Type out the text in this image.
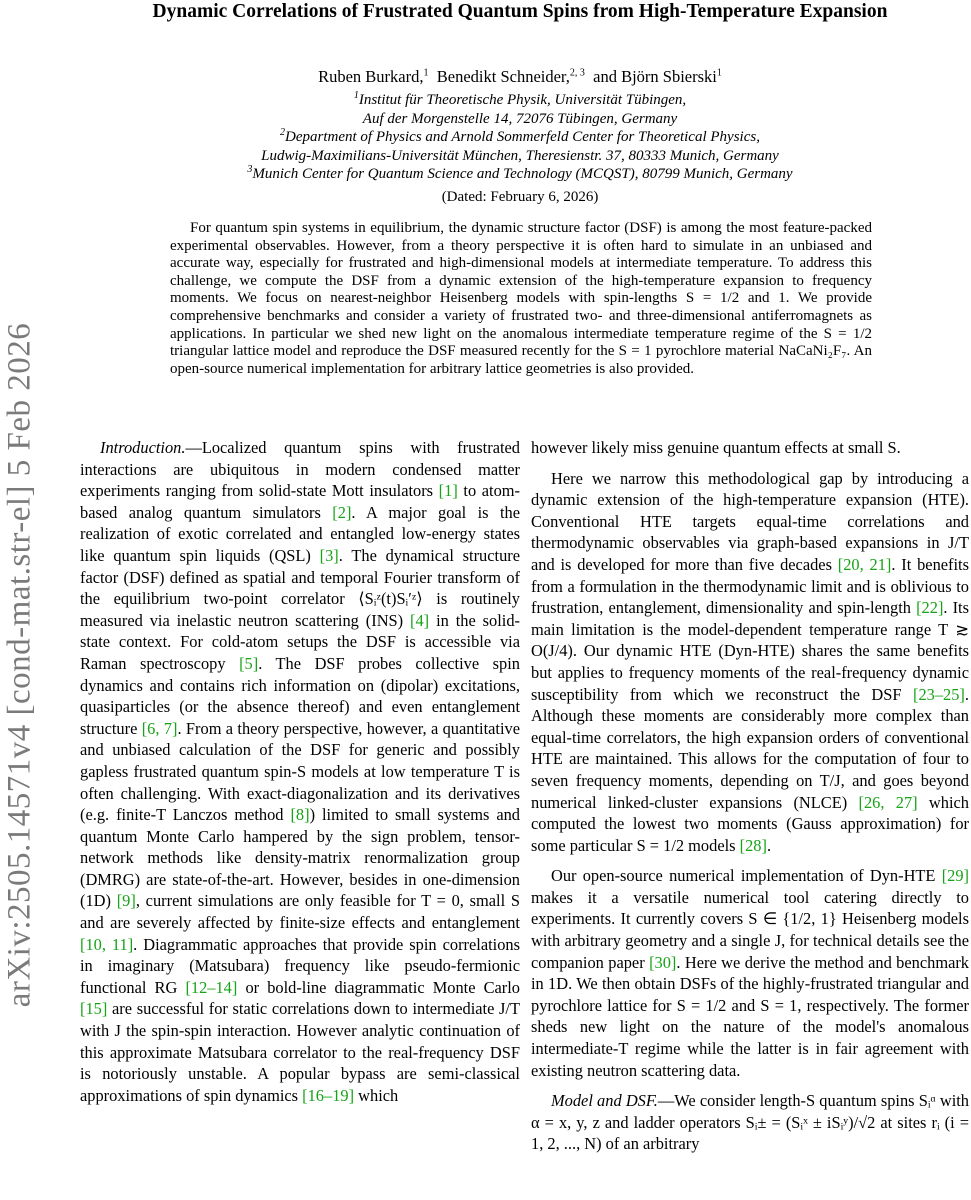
arXiv:2505.14571v4 [cond-mat.str-el] 5 Feb 2026
Dynamic Correlations of Frustrated Quantum Spins from High-Temperature Expansion
Ruben Burkard,$^1$ Benedikt Schneider,$^{2, 3}$ and Björn Sbierski$^1$
$^1$Institut für Theoretische Physik, Universität Tübingen,
Auf der Morgenstelle 14, 72076 Tübingen, Germany
$^2$Department of Physics and Arnold Sommerfeld Center for Theoretical Physics,
Ludwig-Maximilians-Universität München, Theresienstr. 37, 80333 Munich, Germany
$^3$Munich Center for Quantum Science and Technology (MCQST), 80799 Munich, Germany
(Dated: February 6, 2026)

For quantum spin systems in equilibrium, the dynamic structure factor (DSF) is among the most feature-packed experimental observables. However, from a theory perspective it is often hard to simulate in an unbiased and accurate way, especially for frustrated and high-dimensional models at intermediate temperature. To address this challenge, we compute the DSF from a dynamic extension of the high-temperature expansion to frequency moments. We focus on nearest-neighbor Heisenberg models with spin-lengths S = 1/2 and 1. We provide comprehensive benchmarks and consider a variety of frustrated two- and three-dimensional antiferromagnets as applications. In particular we shed new light on the anomalous intermediate temperature regime of the S = 1/2 triangular lattice model and reproduce the DSF measured recently for the S = 1 pyrochlore material NaCaNi₂F₇. An open-source numerical implementation for arbitrary lattice geometries is also provided.

Introduction.—Localized quantum spins with frustrated interactions are ubiquitous in modern condensed matter experiments ranging from solid-state Mott insulators [1] to atom-based analog quantum simulators [2]. A major goal is the realization of exotic correlated and entangled low-energy states like quantum spin liquids (QSL) [3]. The dynamical structure factor (DSF) defined as spatial and temporal Fourier transform of the equilibrium two-point correlator ⟨Sᵢᶻ(t)Sᵢ′ᶻ⟩ is routinely measured via inelastic neutron scattering (INS) [4] in the solid-state context. For cold-atom setups the DSF is accessible via Raman spectroscopy [5]. The DSF probes collective spin dynamics and contains rich information on (dipolar) excitations, quasiparticles (or the absence thereof) and even entanglement structure [6, 7]. From a theory perspective, however, a quantitative and unbiased calculation of the DSF for generic and possibly gapless frustrated quantum spin-S models at low temperature T is often challenging. With exact-diagonalization and its derivatives (e.g. finite-T Lanczos method [8]) limited to small systems and quantum Monte Carlo hampered by the sign problem, tensor-network methods like density-matrix renormalization group (DMRG) are state-of-the-art. However, besides in one-dimension (1D) [9], current simulations are only feasible for T = 0, small S and are severely affected by finite-size effects and entanglement [10, 11]. Diagrammatic approaches that provide spin correlations in imaginary (Matsubara) frequency like pseudo-fermionic functional RG [12–14] or bold-line diagrammatic Monte Carlo [15] are successful for static correlations down to intermediate J/T with J the spin-spin interaction. However analytic continuation of this approximate Matsubara correlator to the real-frequency DSF is notoriously unstable. A popular bypass are semi-classical approximations of spin dynamics [16–19] which

however likely miss genuine quantum effects at small S.

Here we narrow this methodological gap by introducing a dynamic extension of the high-temperature expansion (HTE). Conventional HTE targets equal-time correlations and thermodynamic observables via graph-based expansions in J/T and is developed for more than five decades [20, 21]. It benefits from a formulation in the thermodynamic limit and is oblivious to frustration, entanglement, dimensionality and spin-length [22]. Its main limitation is the model-dependent temperature range T ≳ O(J/4). Our dynamic HTE (Dyn-HTE) shares the same benefits but applies to frequency moments of the real-frequency dynamic susceptibility from which we reconstruct the DSF [23–25]. Although these moments are considerably more complex than equal-time correlators, the high expansion orders of conventional HTE are maintained. This allows for the computation of four to seven frequency moments, depending on T/J, and goes beyond numerical linked-cluster expansions (NLCE) [26, 27] which computed the lowest two moments (Gauss approximation) for some particular S = 1/2 models [28].

Our open-source numerical implementation of Dyn-HTE [29] makes it a versatile numerical tool catering directly to experiments. It currently covers S ∈ {1/2, 1} Heisenberg models with arbitrary geometry and a single J, for technical details see the companion paper [30]. Here we derive the method and benchmark in 1D. We then obtain DSFs of the highly-frustrated triangular and pyrochlore lattice for S = 1/2 and S = 1, respectively. The former sheds new light on the nature of the model's anomalous intermediate-T regime while the latter is in fair agreement with existing neutron scattering data.

Model and DSF.—We consider length-S quantum spins Sᵢᵅ with α = x, y, z and ladder operators Sᵢ± = (Sᵢˣ ± iSᵢʸ)/√2 at sites rᵢ (i = 1, 2, ..., N) of an arbitrary
